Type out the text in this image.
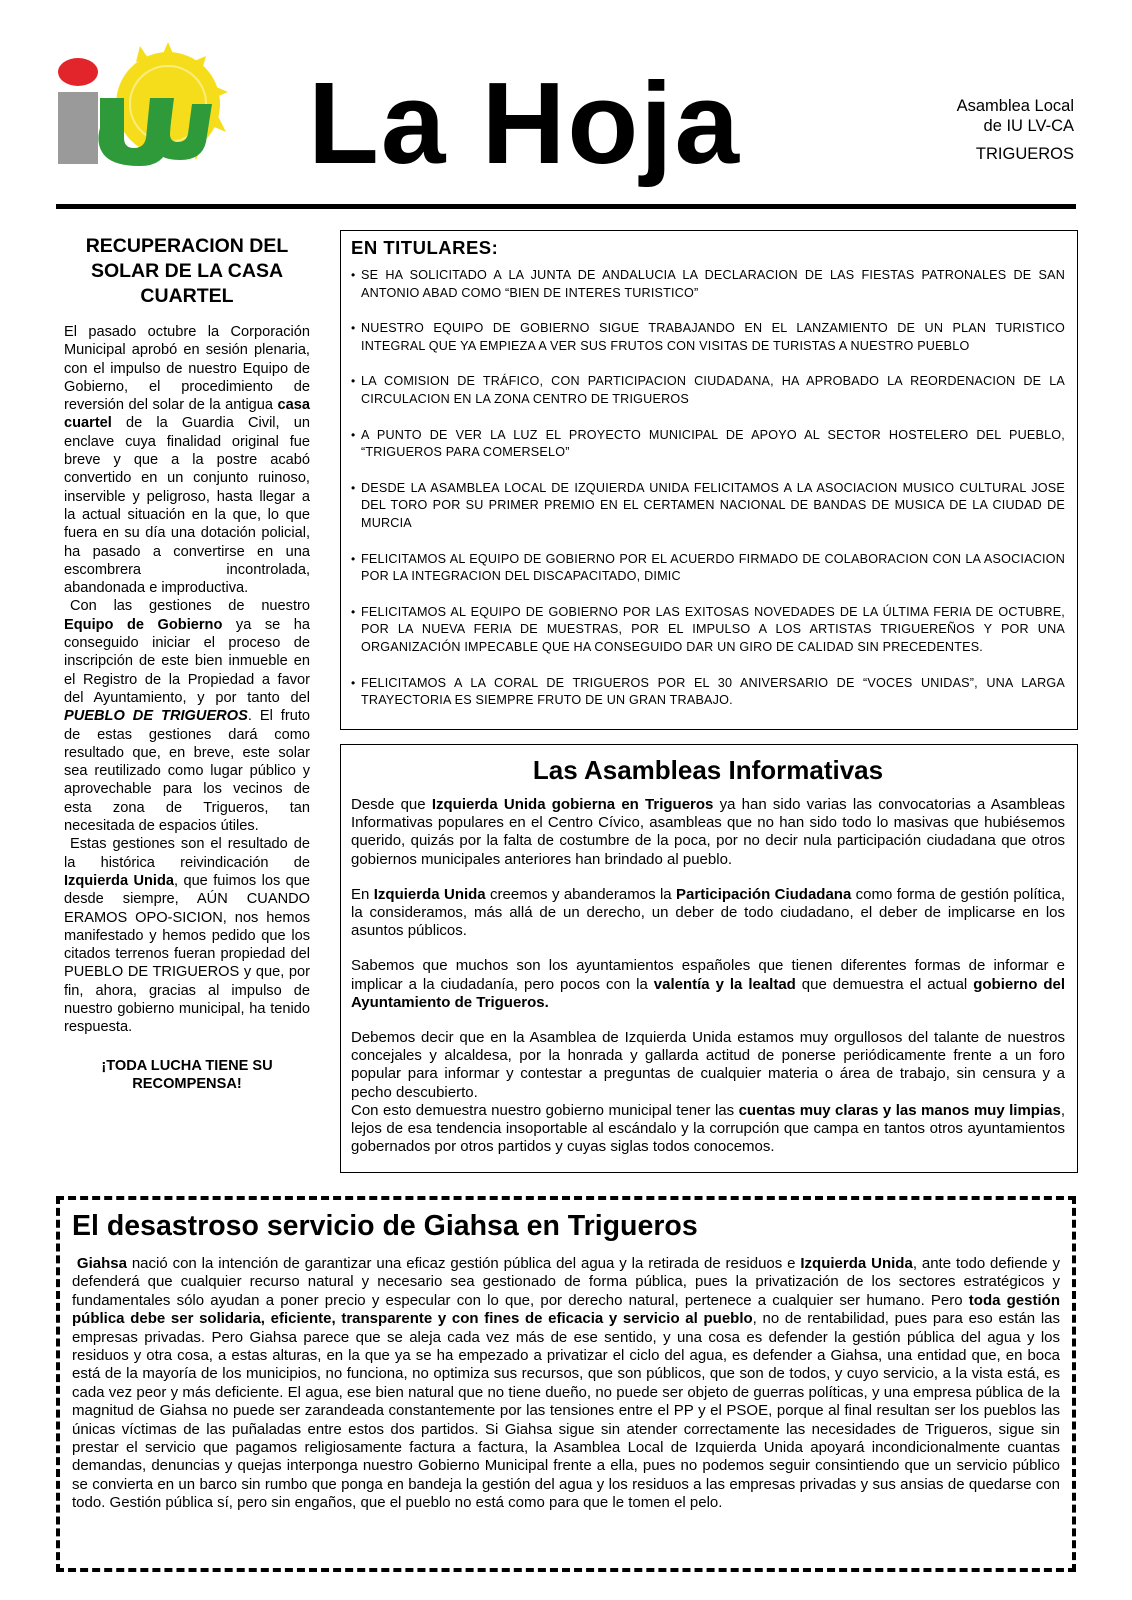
iu
La Hoja	Asamblea Local
de IU LV-CA
TRIGUEROS
RECUPERACION DEL SOLAR DE LA CASA CUARTEL

El pasado octubre la Corporación Municipal aprobó en sesión plenaria, con el impulso de nuestro Equipo de Gobierno, el procedimiento de reversión del solar de la antigua casa cuartel de la Guardia Civil, un enclave cuya finalidad original fue breve y que a la postre acabó convertido en un conjunto ruinoso, inservible y peligroso, hasta llegar a la actual situación en la que, lo que fuera en su día una dotación policial, ha pasado a convertirse en una escombrera incontrolada, abandonada e improductiva.

Con las gestiones de nuestro Equipo de Gobierno ya se ha conseguido iniciar el proceso de inscripción de este bien inmueble en el Registro de la Propiedad a favor del Ayuntamiento, y por tanto del PUEBLO DE TRIGUEROS. El fruto de estas gestiones dará como resultado que, en breve, este solar sea reutilizado como lugar público y aprovechable para los vecinos de esta zona de Trigueros, tan necesitada de espacios útiles.

Estas gestiones son el resultado de la histórica reivindicación de Izquierda Unida, que fuimos los que desde siempre, AÚN CUANDO ERAMOS OPO-SICION, nos hemos manifestado y hemos pedido que los citados terrenos fueran propiedad del PUEBLO DE TRIGUEROS y que, por fin, ahora, gracias al impulso de nuestro gobierno municipal, ha tenido respuesta.

¡TODA LUCHA TIENE SU RECOMPENSA!

EN TITULARES:
• SE HA SOLICITADO A LA JUNTA DE ANDALUCIA LA DECLARACION DE LAS FIESTAS PATRONALES DE SAN ANTONIO ABAD COMO “BIEN DE INTERES TURISTICO”
• NUESTRO EQUIPO DE GOBIERNO SIGUE TRABAJANDO EN EL LANZAMIENTO DE UN PLAN TURISTICO INTEGRAL QUE YA EMPIEZA A VER SUS FRUTOS CON VISITAS DE TURISTAS A NUESTRO PUEBLO
• LA COMISION DE TRÁFICO, CON PARTICIPACION CIUDADANA, HA APROBADO LA REORDENACION DE LA CIRCULACION EN LA ZONA CENTRO DE TRIGUEROS
• A PUNTO DE VER LA LUZ EL PROYECTO MUNICIPAL DE APOYO AL SECTOR HOSTELERO DEL PUEBLO, “TRIGUEROS PARA COMERSELO”
• DESDE LA ASAMBLEA LOCAL DE IZQUIERDA UNIDA FELICITAMOS A LA ASOCIACION MUSICO CULTURAL JOSE DEL TORO POR SU PRIMER PREMIO EN EL CERTAMEN NACIONAL DE BANDAS DE MUSICA DE LA CIUDAD DE MURCIA
• FELICITAMOS AL EQUIPO DE GOBIERNO POR EL ACUERDO FIRMADO DE COLABORACION CON LA ASOCIACION POR LA INTEGRACION DEL DISCAPACITADO, DIMIC
• FELICITAMOS AL EQUIPO DE GOBIERNO POR LAS EXITOSAS NOVEDADES DE LA ÚLTIMA FERIA DE OCTUBRE, POR LA NUEVA FERIA DE MUESTRAS, POR EL IMPULSO A LOS ARTISTAS TRIGUEREÑOS Y POR UNA ORGANIZACIÓN IMPECABLE QUE HA CONSEGUIDO DAR UN GIRO DE CALIDAD SIN PRECEDENTES.
• FELICITAMOS A LA CORAL DE TRIGUEROS POR EL 30 ANIVERSARIO DE “VOCES UNIDAS”, UNA LARGA TRAYECTORIA ES SIEMPRE FRUTO DE UN GRAN TRABAJO.
Las Asambleas Informativas

Desde que Izquierda Unida gobierna en Trigueros ya han sido varias las convocatorias a Asambleas Informativas populares en el Centro Cívico, asambleas que no han sido todo lo masivas que hubiésemos querido, quizás por la falta de costumbre de la poca, por no decir nula participación ciudadana que otros gobiernos municipales anteriores han brindado al pueblo.

En Izquierda Unida creemos y abanderamos la Participación Ciudadana como forma de gestión política, la consideramos, más allá de un derecho, un deber de todo ciudadano, el deber de implicarse en los asuntos públicos.

Sabemos que muchos son los ayuntamientos españoles que tienen diferentes formas de informar e implicar a la ciudadanía, pero pocos con la valentía y la lealtad que demuestra el actual gobierno del Ayuntamiento de Trigueros.

Debemos decir que en la Asamblea de Izquierda Unida estamos muy orgullosos del talante de nuestros concejales y alcaldesa, por la honrada y gallarda actitud de ponerse periódicamente frente a un foro popular para informar y contestar a preguntas de cualquier materia o área de trabajo, sin censura y a pecho descubierto.

Con esto demuestra nuestro gobierno municipal tener las cuentas muy claras y las manos muy limpias, lejos de esa tendencia insoportable al escándalo y la corrupción que campa en tantos otros ayuntamientos gobernados por otros partidos y cuyas siglas todos conocemos.

El desastroso servicio de Giahsa en Trigueros

Giahsa nació con la intención de garantizar una eficaz gestión pública del agua y la retirada de residuos e Izquierda Unida, ante todo defiende y defenderá que cualquier recurso natural y necesario sea gestionado de forma pública, pues la privatización de los sectores estratégicos y fundamentales sólo ayudan a poner precio y especular con lo que, por derecho natural, pertenece a cualquier ser humano. Pero toda gestión pública debe ser solidaria, eficiente, transparente y con fines de eficacia y servicio al pueblo, no de rentabilidad, pues para eso están las empresas privadas. Pero Giahsa parece que se aleja cada vez más de ese sentido, y una cosa es defender la gestión pública del agua y los residuos y otra cosa, a estas alturas, en la que ya se ha empezado a privatizar el ciclo del agua, es defender a Giahsa, una entidad que, en boca está de la mayoría de los municipios, no funciona, no optimiza sus recursos, que son públicos, que son de todos, y cuyo servicio, a la vista está, es cada vez peor y más deficiente. El agua, ese bien natural que no tiene dueño, no puede ser objeto de guerras políticas, y una empresa pública de la magnitud de Giahsa no puede ser zarandeada constantemente por las tensiones entre el PP y el PSOE, porque al final resultan ser los pueblos las únicas víctimas de las puñaladas entre estos dos partidos. Si Giahsa sigue sin atender correctamente las necesidades de Trigueros, sigue sin prestar el servicio que pagamos religiosamente factura a factura, la Asamblea Local de Izquierda Unida apoyará incondicionalmente cuantas demandas, denuncias y quejas interponga nuestro Gobierno Municipal frente a ella, pues no podemos seguir consintiendo que un servicio público se convierta en un barco sin rumbo que ponga en bandeja la gestión del agua y los residuos a las empresas privadas y sus ansias de quedarse con todo. Gestión pública sí, pero sin engaños, que el pueblo no está como para que le tomen el pelo.
